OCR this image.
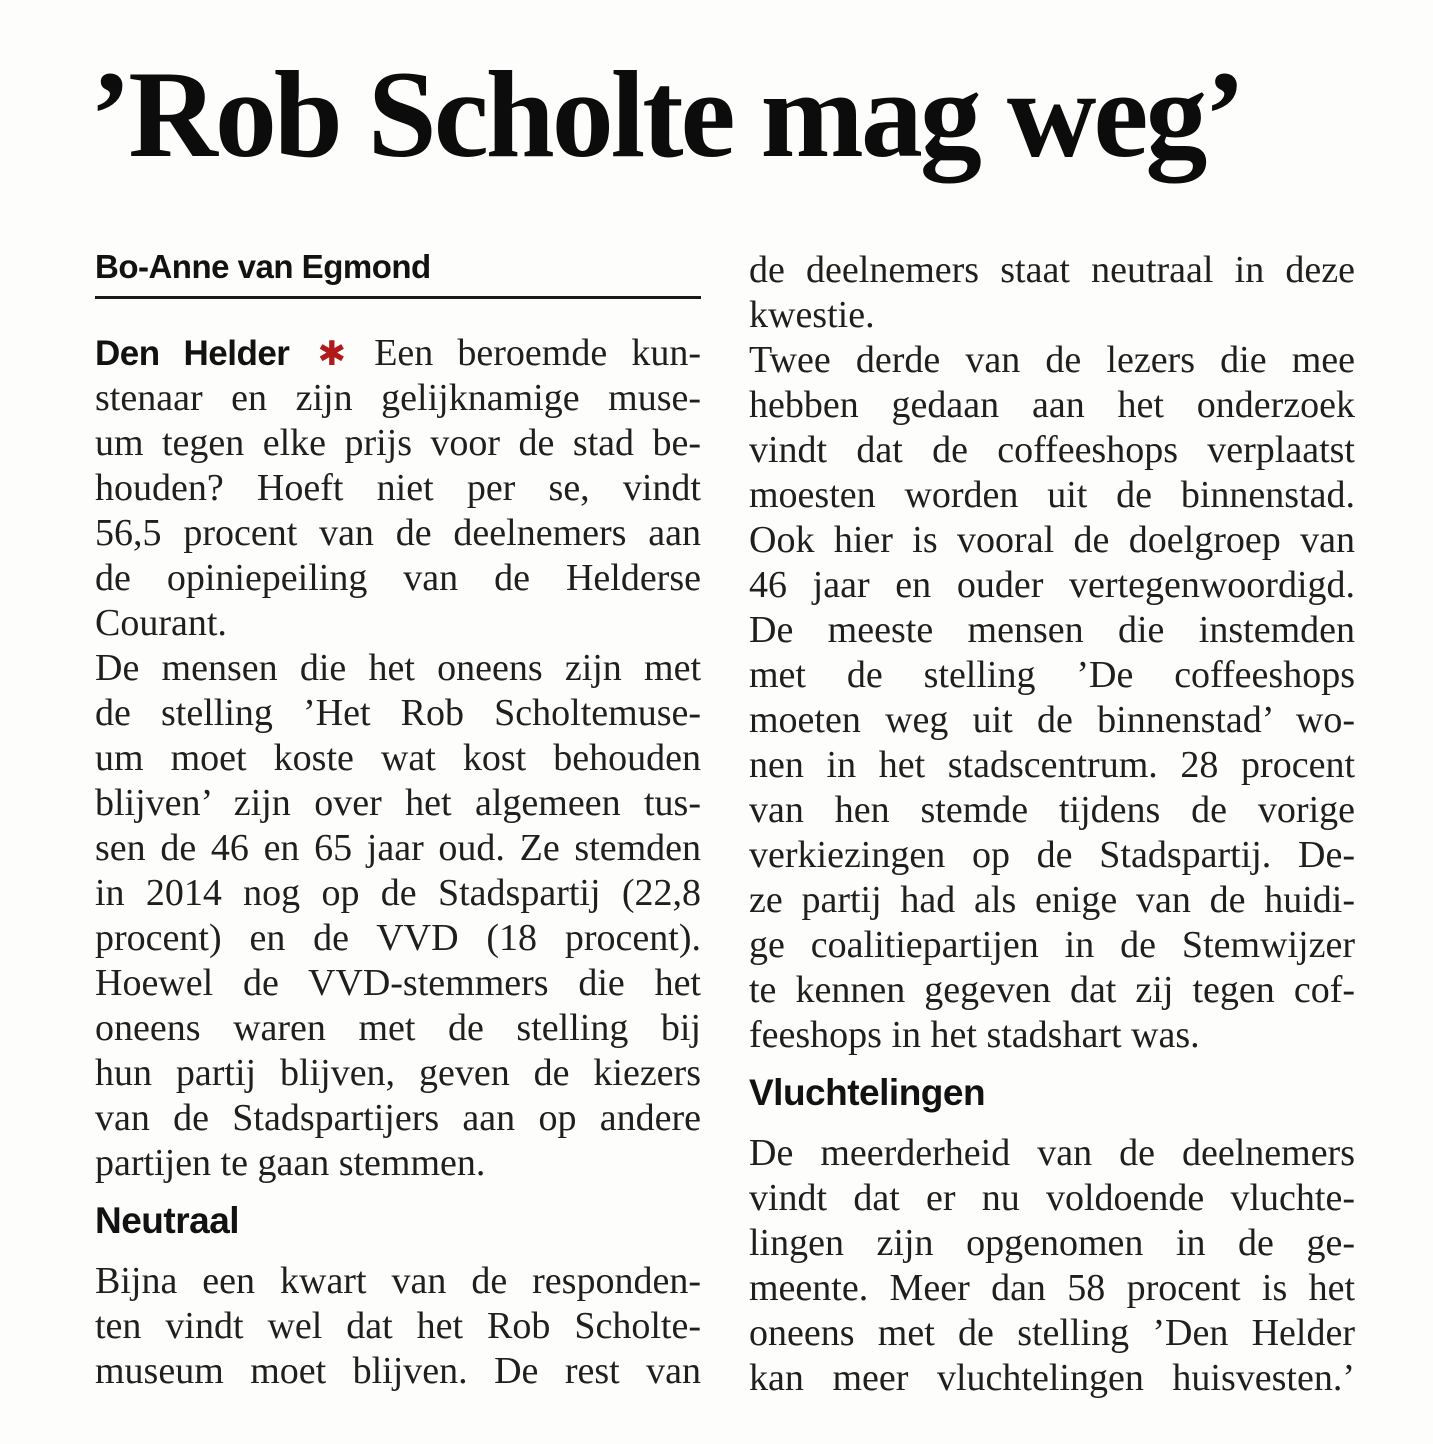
’Rob Scholte mag weg’
Bo-Anne van Egmond
Den Helder ✱ Een beroemde kun-
stenaar en zijn gelijknamige muse-
um tegen elke prijs voor de stad be-
houden? Hoeft niet per se, vindt
56,5 procent van de deelnemers aan
de opiniepeiling van de Helderse
Courant.
De mensen die het oneens zijn met
de stelling ’Het Rob Scholtemuse-
um moet koste wat kost behouden
blijven’ zijn over het algemeen tus-
sen de 46 en 65 jaar oud. Ze stemden
in 2014 nog op de Stadspartij (22,8
procent) en de VVD (18 procent).
Hoewel de VVD-stemmers die het
oneens waren met de stelling bij
hun partij blijven, geven de kiezers
van de Stadspartijers aan op andere
partijen te gaan stemmen.
Neutraal
Bijna een kwart van de responden-
ten vindt wel dat het Rob Scholte-
museum moet blijven. De rest van
de deelnemers staat neutraal in deze
kwestie.
Twee derde van de lezers die mee
hebben gedaan aan het onderzoek
vindt dat de coffeeshops verplaatst
moesten worden uit de binnenstad.
Ook hier is vooral de doelgroep van
46 jaar en ouder vertegenwoordigd.
De meeste mensen die instemden
met de stelling ’De coffeeshops
moeten weg uit de binnenstad’ wo-
nen in het stadscentrum. 28 procent
van hen stemde tijdens de vorige
verkiezingen op de Stadspartij. De-
ze partij had als enige van de huidi-
ge coalitiepartijen in de Stemwijzer
te kennen gegeven dat zij tegen cof-
feeshops in het stadshart was.
Vluchtelingen
De meerderheid van de deelnemers
vindt dat er nu voldoende vluchte-
lingen zijn opgenomen in de ge-
meente. Meer dan 58 procent is het
oneens met de stelling ’Den Helder
kan meer vluchtelingen huisvesten.’
